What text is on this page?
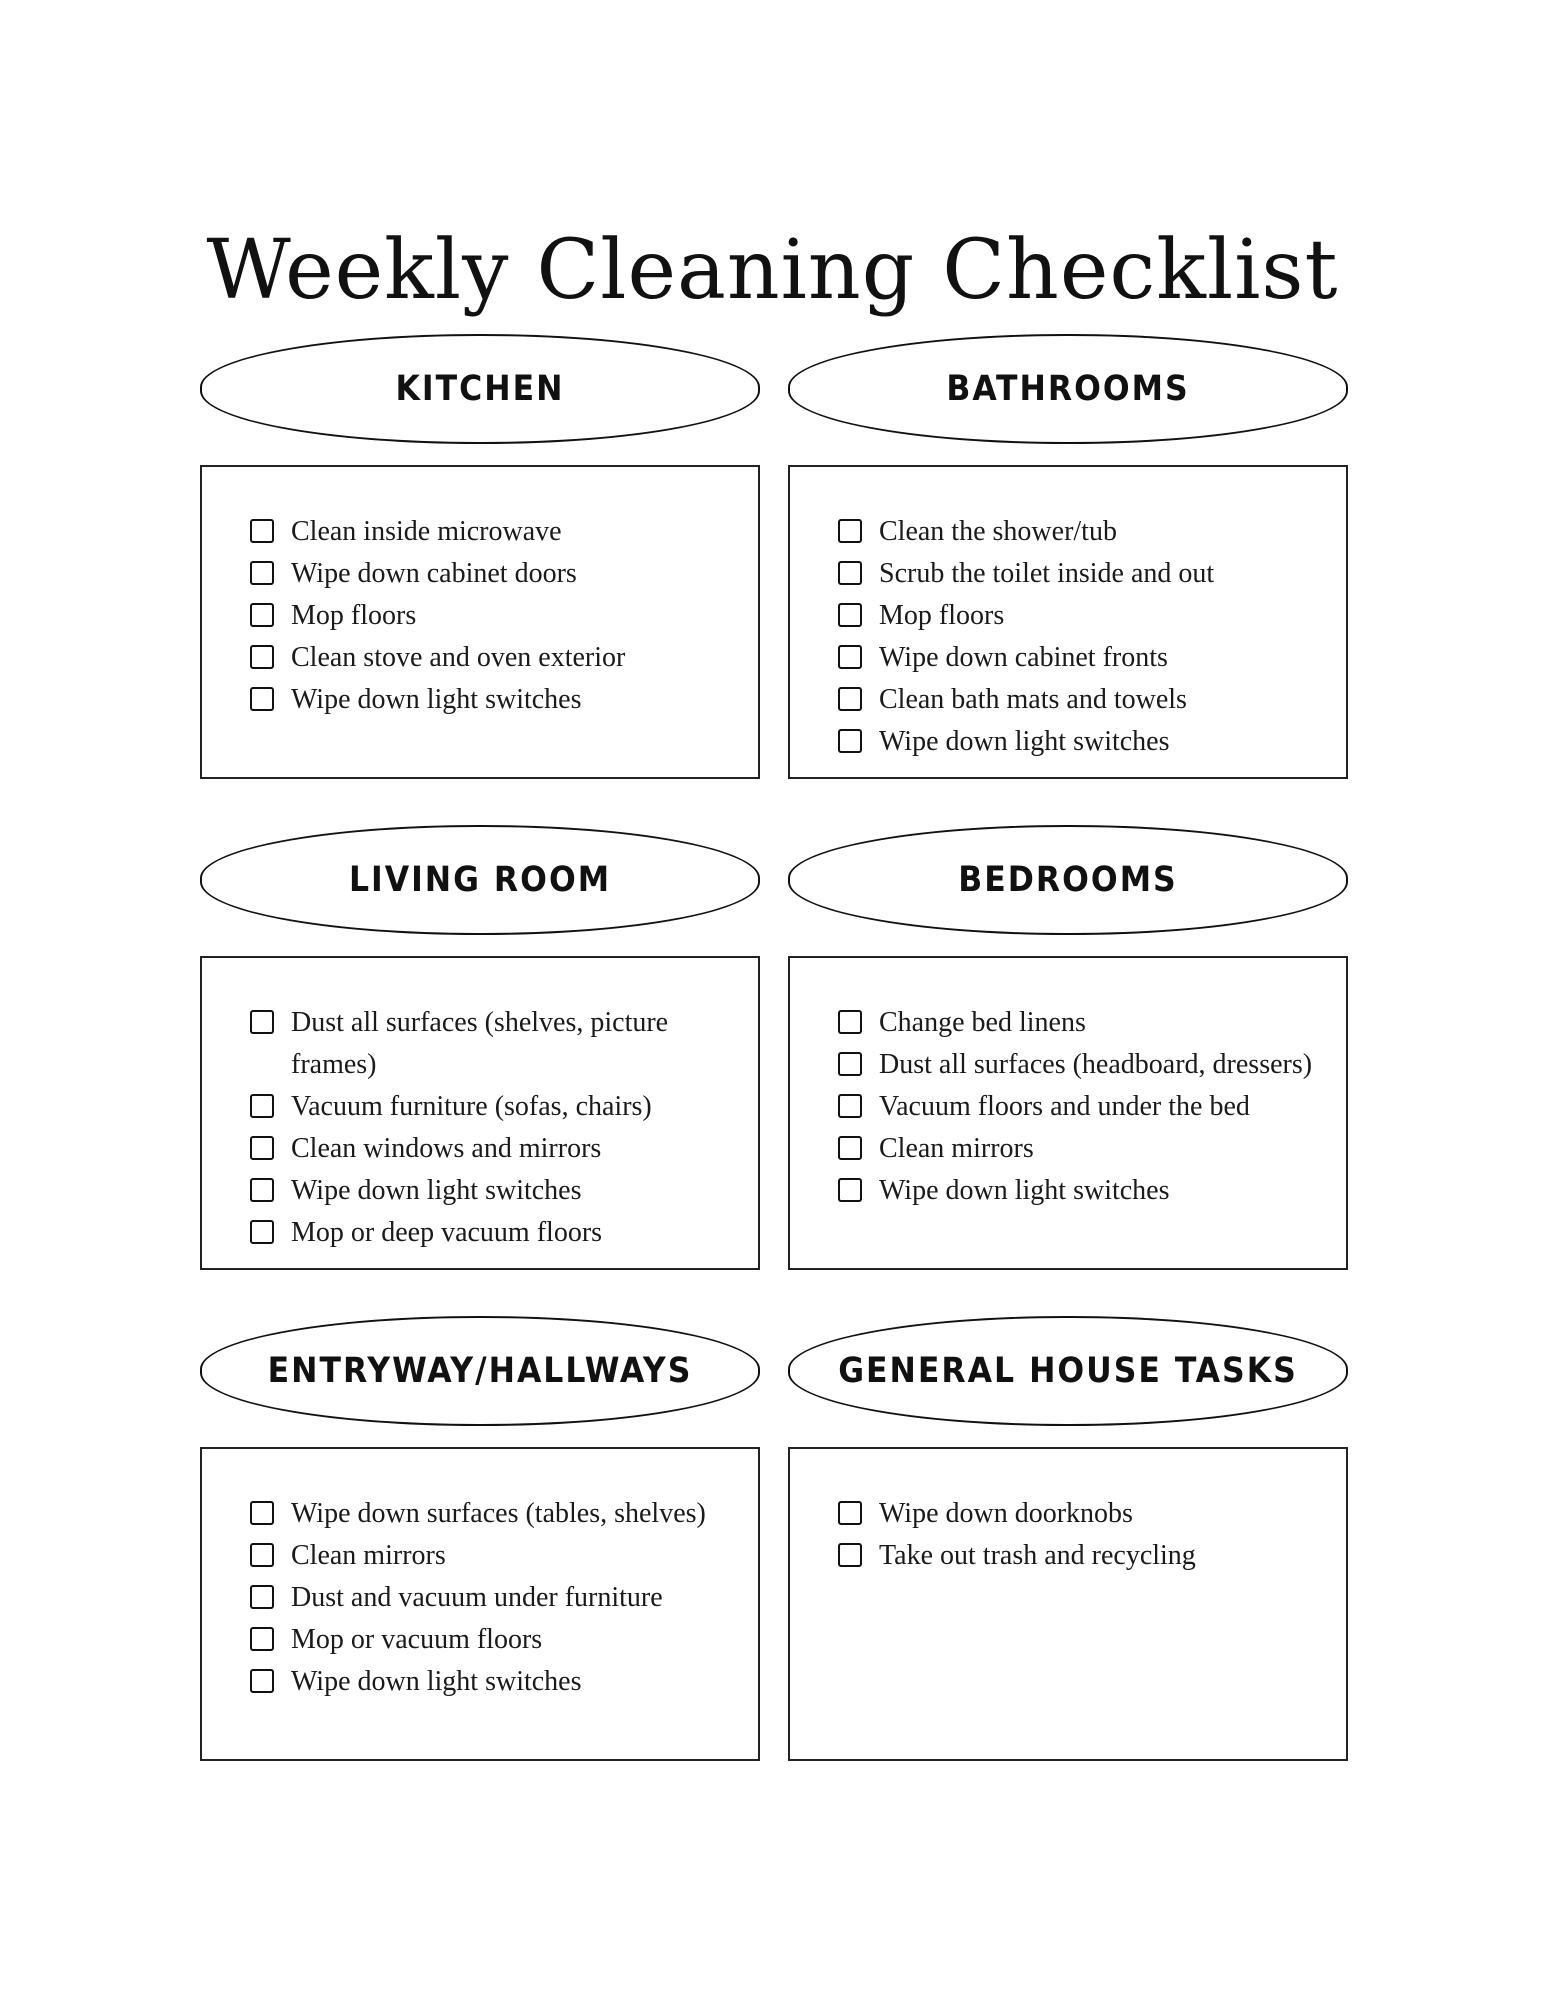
Weekly Cleaning Checklist
KITCHEN
Clean inside microwave
Wipe down cabinet doors
Mop floors
Clean stove and oven exterior
Wipe down light switches
BATHROOMS
Clean the shower/tub
Scrub the toilet inside and out
Mop floors
Wipe down cabinet fronts
Clean bath mats and towels
Wipe down light switches
LIVING ROOM
Dust all surfaces (shelves, picture frames)
Vacuum furniture (sofas, chairs)
Clean windows and mirrors
Wipe down light switches
Mop or deep vacuum floors
BEDROOMS
Change bed linens
Dust all surfaces (headboard, dressers)
Vacuum floors and under the bed
Clean mirrors
Wipe down light switches
ENTRYWAY/HALLWAYS
Wipe down surfaces (tables, shelves)
Clean mirrors
Dust and vacuum under furniture
Mop or vacuum floors
Wipe down light switches
GENERAL HOUSE TASKS
Wipe down doorknobs
Take out trash and recycling
